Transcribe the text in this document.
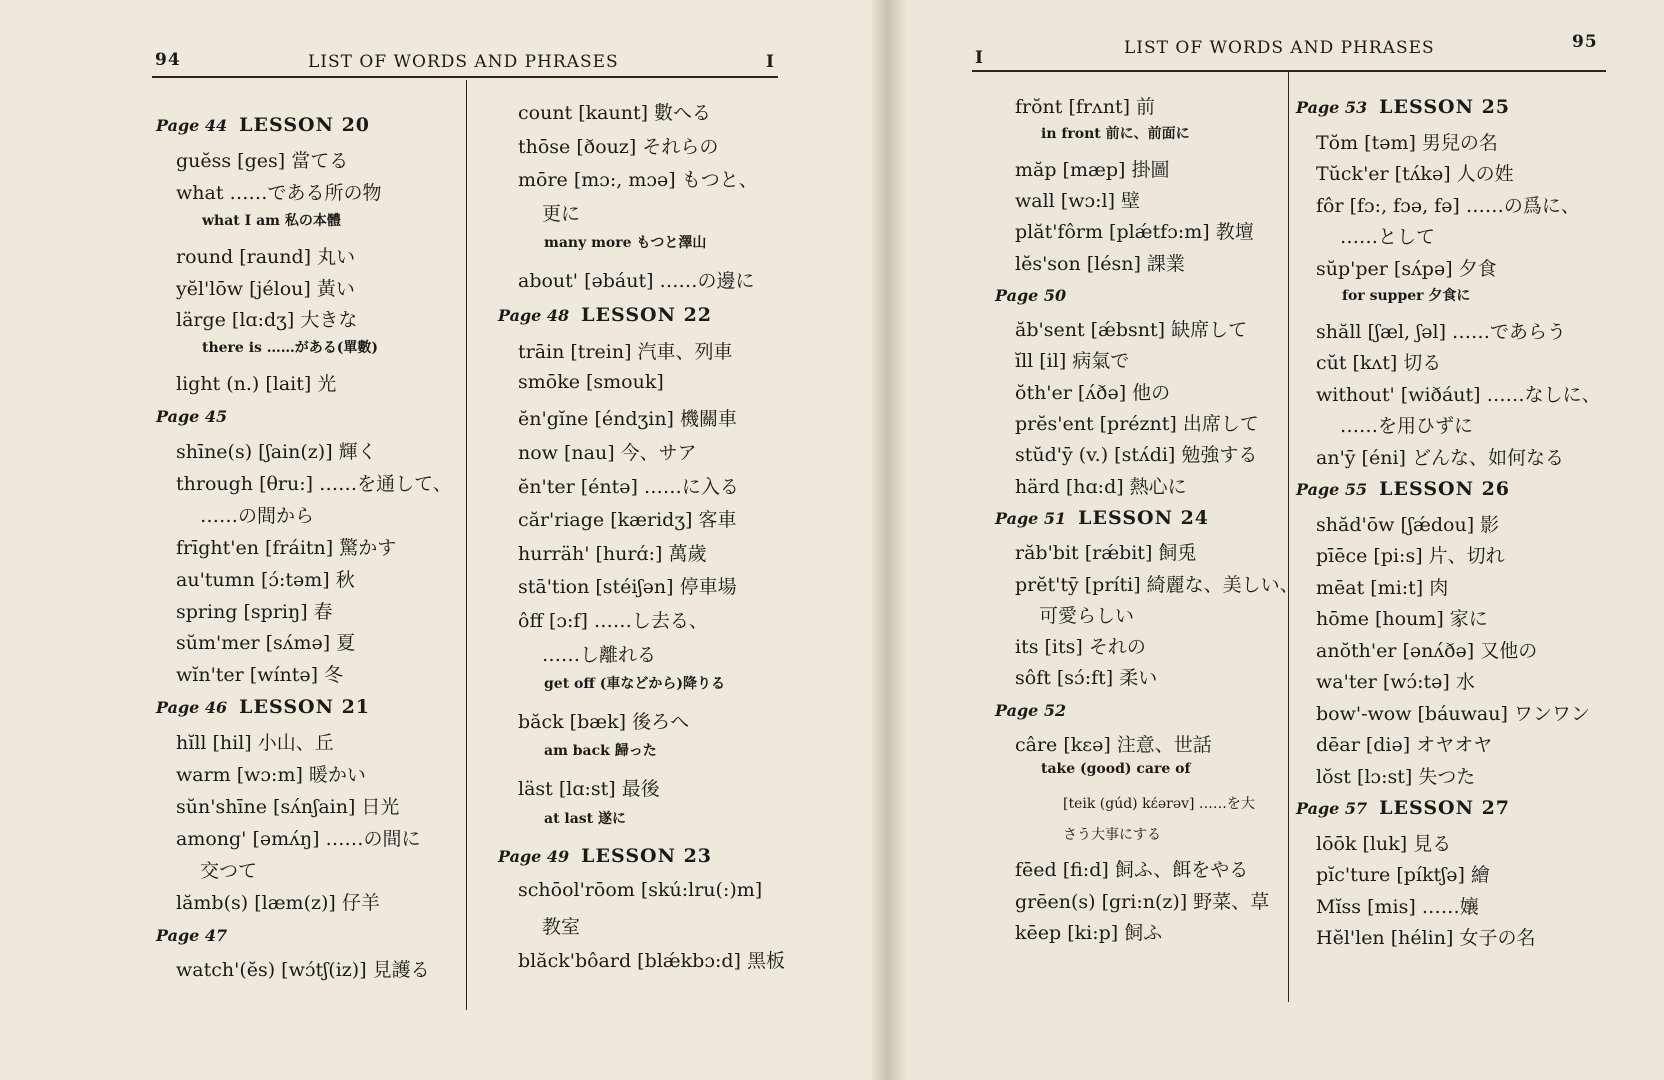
94	LIST OF WORDS AND PHRASES	I	I	LIST OF WORDS AND PHRASES	95
Page 44 LESSON 20
guĕss [ges] 當てる
what ……である所の物
what I am 私の本體
round [raund] 丸い
yĕl'lōw [jélou] 黃い
lärge [lɑ:dʒ] 大きな
there is ……がある(單數)
light (n.) [lait] 光
Page 45
shīne(s) [ʃain(z)] 輝く
through [θru:] ……を通して、
……の間から
frīght'en [fráitn] 驚かす
au'tumn [ɔ́:təm] 秋
spring [spriŋ] 春
sŭm'mer [sʌ́mə] 夏
wĭn'ter [wíntə] 冬
Page 46 LESSON 21
hĭll [hil] 小山、丘
warm [wɔ:m] 暖かい
sŭn'shīne [sʌ́nʃain] 日光
among' [əmʌ́ŋ] ……の間に
交つて
lămb(s) [læm(z)] 仔羊
Page 47
watch'(ĕs) [wɔ́tʃ(iz)] 見護る
count [kaunt] 數へる
thōse [ðouz] それらの
mōre [mɔ:, mɔə] もつと、
更に
many more もつと澤山
about' [əbáut] ……の邊に
Page 48 LESSON 22
trāin [trein] 汽車、列車
smōke [smouk]
ĕn'gĭne [éndʒin] 機關車
now [nau] 今、サア
ĕn'ter [éntə] ……に入る
căr'riage [kæridʒ] 客車
hurräh' [hurɑ́:] 萬歲
stā'tion [stéiʃən] 停車場
ôff [ɔ:f] ……し去る、
……し離れる
get off (車などから)降りる
băck [bæk] 後ろへ
am back 歸った
läst [lɑ:st] 最後
at last 遂に
Page 49 LESSON 23
schōol'rōom [skú:lru(:)m]
教室
blăck'bôard [blǽkbɔ:d] 黑板
frŏnt [frʌnt] 前
in front 前に、前面に
măp [mæp] 掛圖
wall [wɔ:l] 壁
plăt'fôrm [plǽtfɔ:m] 教壇
lĕs'son [lésn] 課業
Page 50
ăb'sent [ǽbsnt] 缺席して
ĭll [il] 病氣で
ŏth'er [ʌ́ðə] 他の
prĕs'ent [préznt] 出席して
stŭd'ȳ (v.) [stʌ́di] 勉強する
härd [hɑ:d] 熱心に
Page 51 LESSON 24
răb'bit [rǽbit] 飼兎
prĕt'tȳ [príti] 綺麗な、美しい、
可愛らしい
its [its] それの
sôft [sɔ́:ft] 柔い
Page 52
câre [kɛə] 注意、世話
take (good) care of
[teik (gúd) kɛ́ərəv] ……を大
さう大事にする
fēed [fi:d] 飼ふ、餌をやる
grēen(s) [gri:n(z)] 野菜、草
kēep [ki:p] 飼ふ
Page 53 LESSON 25
Tŏm [təm] 男兒の名
Tŭck'er [tʌ́kə] 人の姓
fôr [fɔ:, fɔə, fə] ……の爲に、
……として
sŭp'per [sʌ́pə] 夕食
for supper 夕食に
shăll [ʃæl, ʃəl] ……であらう
cŭt [kʌt] 切る
without' [wiðáut] ……なしに、
……を用ひずに
an'ȳ [éni] どんな、如何なる
Page 55 LESSON 26
shăd'ōw [ʃǽdou] 影
pīēce [pi:s] 片、切れ
mēat [mi:t] 肉
hōme [houm] 家に
anŏth'er [ənʌ́ðə] 又他の
wa'ter [wɔ́:tə] 水
bow'-wow [báuwau] ワンワン
dēar [diə] オヤオヤ
lŏst [lɔ:st] 失つた
Page 57 LESSON 27
lōōk [luk] 見る
pĭc'ture [píktʃə] 繪
Mĭss [mis] ……孃
Hĕl'len [hélin] 女子の名
